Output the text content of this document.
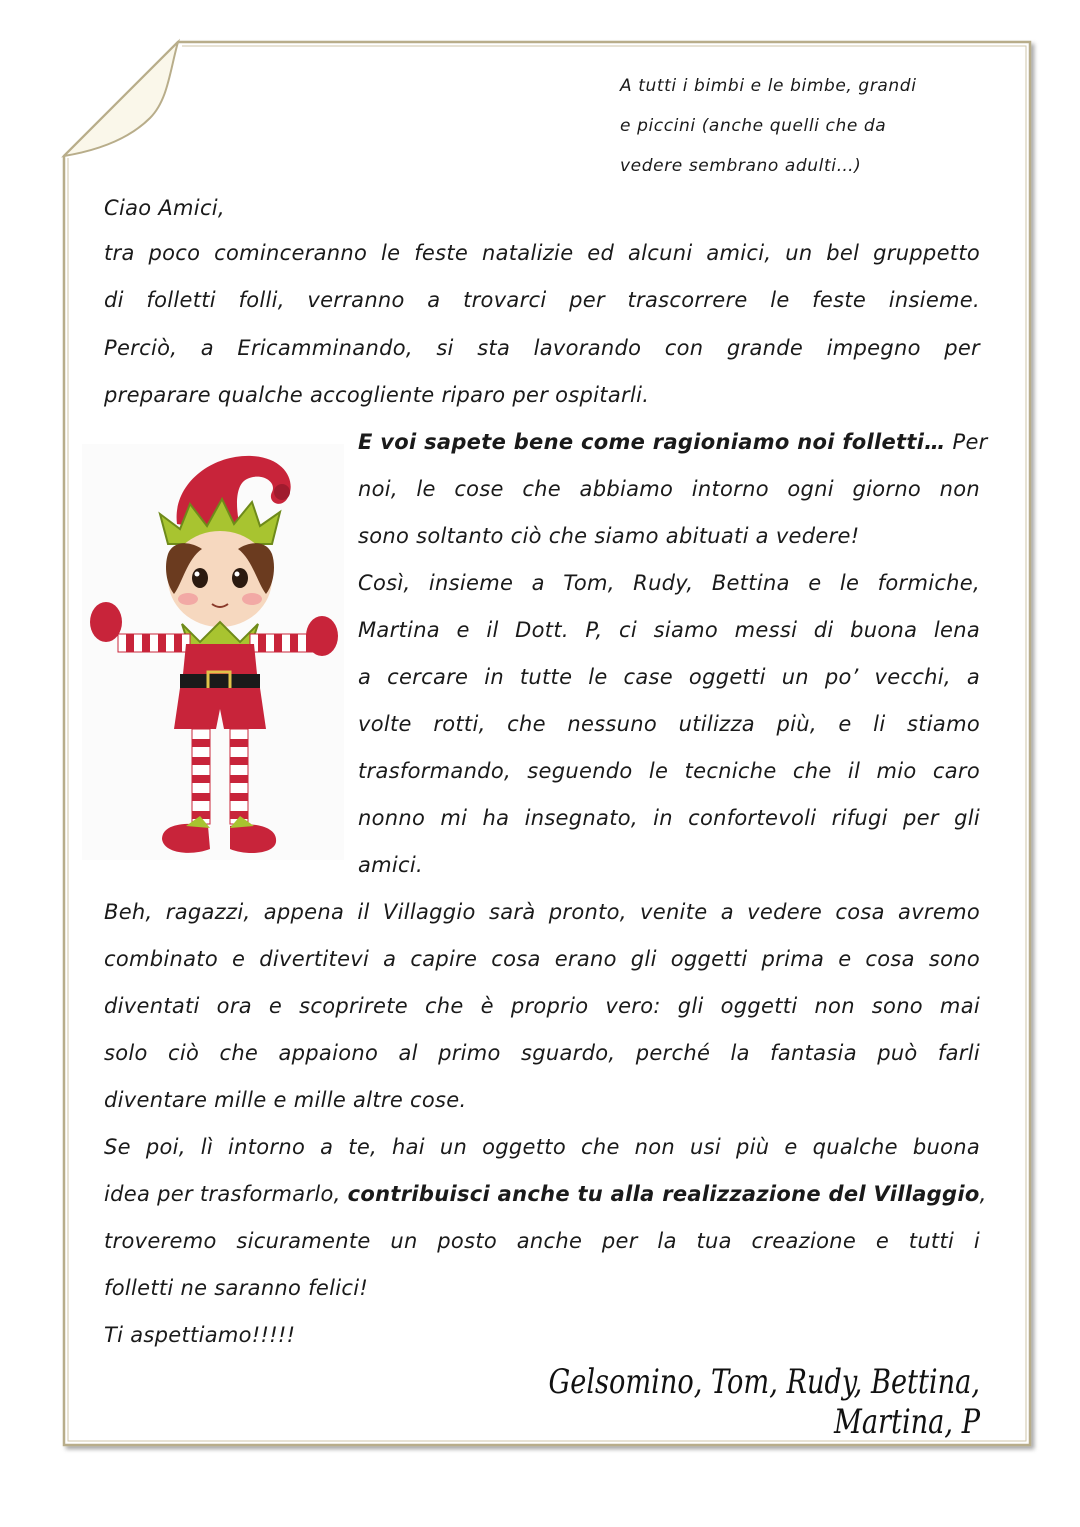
A tutti i bimbi e le bimbe, grandi
e piccini (anche quelli che da
vedere sembrano adulti…)
Ciao Amici,
tra poco cominceranno le feste natalizie ed alcuni amici, un bel gruppetto
di folletti folli, verranno a trovarci per trascorrere le feste insieme.
Perciò, a Ericamminando, si sta lavorando con grande impegno per
preparare qualche accogliente riparo per ospitarli.
E voi sapete bene come ragioniamo noi folletti… Per
noi, le cose che abbiamo intorno ogni giorno non
sono soltanto ciò che siamo abituati a vedere!
Così, insieme a Tom, Rudy, Bettina e le formiche,
Martina e il Dott. P, ci siamo messi di buona lena
a cercare in tutte le case oggetti un po’ vecchi, a
volte rotti, che nessuno utilizza più, e li stiamo
trasformando, seguendo le tecniche che il mio caro
nonno mi ha insegnato, in confortevoli rifugi per gli
amici.
Beh, ragazzi, appena il Villaggio sarà pronto, venite a vedere cosa avremo
combinato e divertitevi a capire cosa erano gli oggetti prima e cosa sono
diventati ora e scoprirete che è proprio vero: gli oggetti non sono mai
solo ciò che appaiono al primo sguardo, perché la fantasia può farli
diventare mille e mille altre cose.
Se poi, lì intorno a te, hai un oggetto che non usi più e qualche buona
idea per trasformarlo, contribuisci anche tu alla realizzazione del Villaggio,
troveremo sicuramente un posto anche per la tua creazione e tutti i
folletti ne saranno felici!
Ti aspettiamo!!!!!
Gelsomino, Tom, Rudy, Bettina, Martina, P
